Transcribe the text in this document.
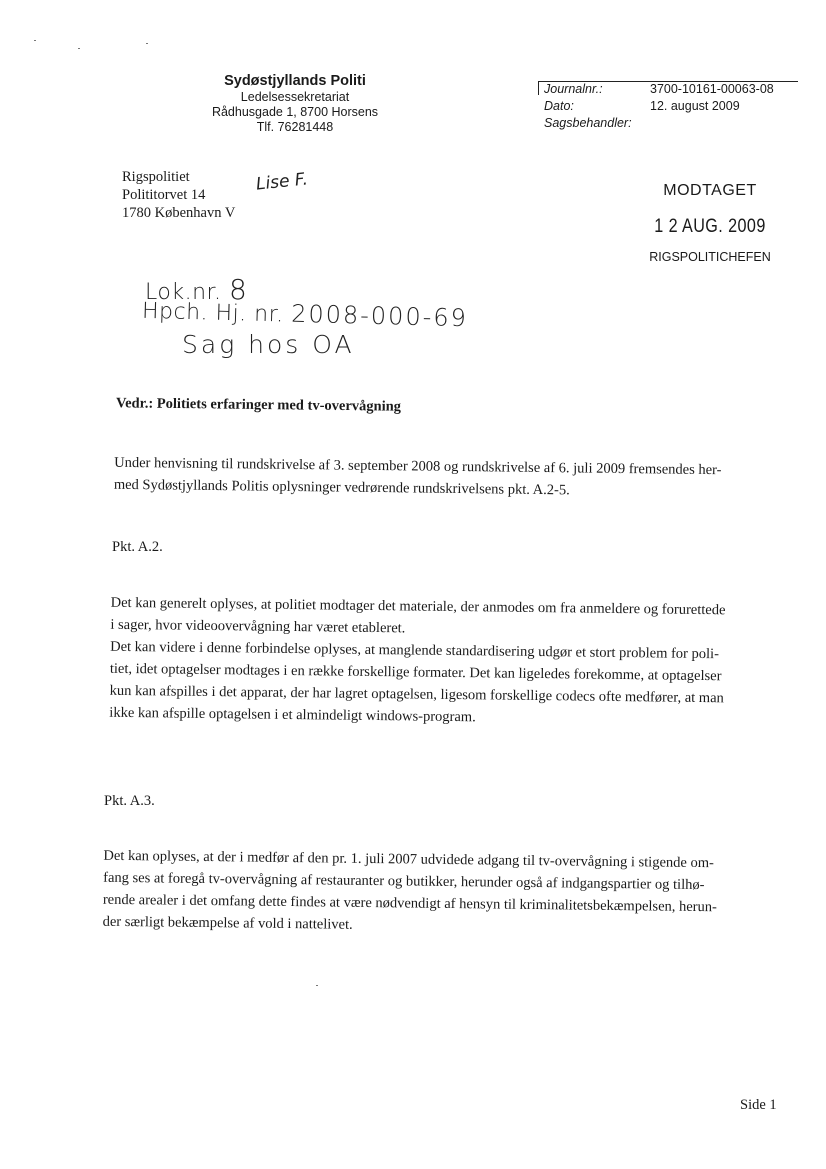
Sydøstjyllands Politi
Ledelsessekretariat
Rådhusgade 1, 8700 Horsens
Tlf. 76281448
Journalnr.:	3700-10161-00063-08
Dato:	12. august 2009
Sagsbehandler:
Rigspolitiet
Polititorvet 14
1780 København V
Lise F.	MODTAGET
1 2 AUG. 2009
RIGSPOLITICHEFEN
Lok.nr. 8
Hpch. Hj. nr. 2008-000-69
Sag hos OA
Vedr.: Politiets erfaringer med tv-overvågning
Under henvisning til rundskrivelse af 3. september 2008 og rundskrivelse af 6. juli 2009 fremsendes her-
med Sydøstjyllands Politis oplysninger vedrørende rundskrivelsens pkt. A.2-5.
Pkt. A.2.
Det kan generelt oplyses, at politiet modtager det materiale, der anmodes om fra anmeldere og forurettede
i sager, hvor videoovervågning har været etableret.
Det kan videre i denne forbindelse oplyses, at manglende standardisering udgør et stort problem for poli-
tiet, idet optagelser modtages i en række forskellige formater. Det kan ligeledes forekomme, at optagelser
kun kan afspilles i det apparat, der har lagret optagelsen, ligesom forskellige codecs ofte medfører, at man
ikke kan afspille optagelsen i et almindeligt windows-program.
Pkt. A.3.
Det kan oplyses, at der i medfør af den pr. 1. juli 2007 udvidede adgang til tv-overvågning i stigende om-
fang ses at foregå tv-overvågning af restauranter og butikker, herunder også af indgangspartier og tilhø-
rende arealer i det omfang dette findes at være nødvendigt af hensyn til kriminalitetsbekæmpelsen, herun-
der særligt bekæmpelse af vold i nattelivet.
Side 1
